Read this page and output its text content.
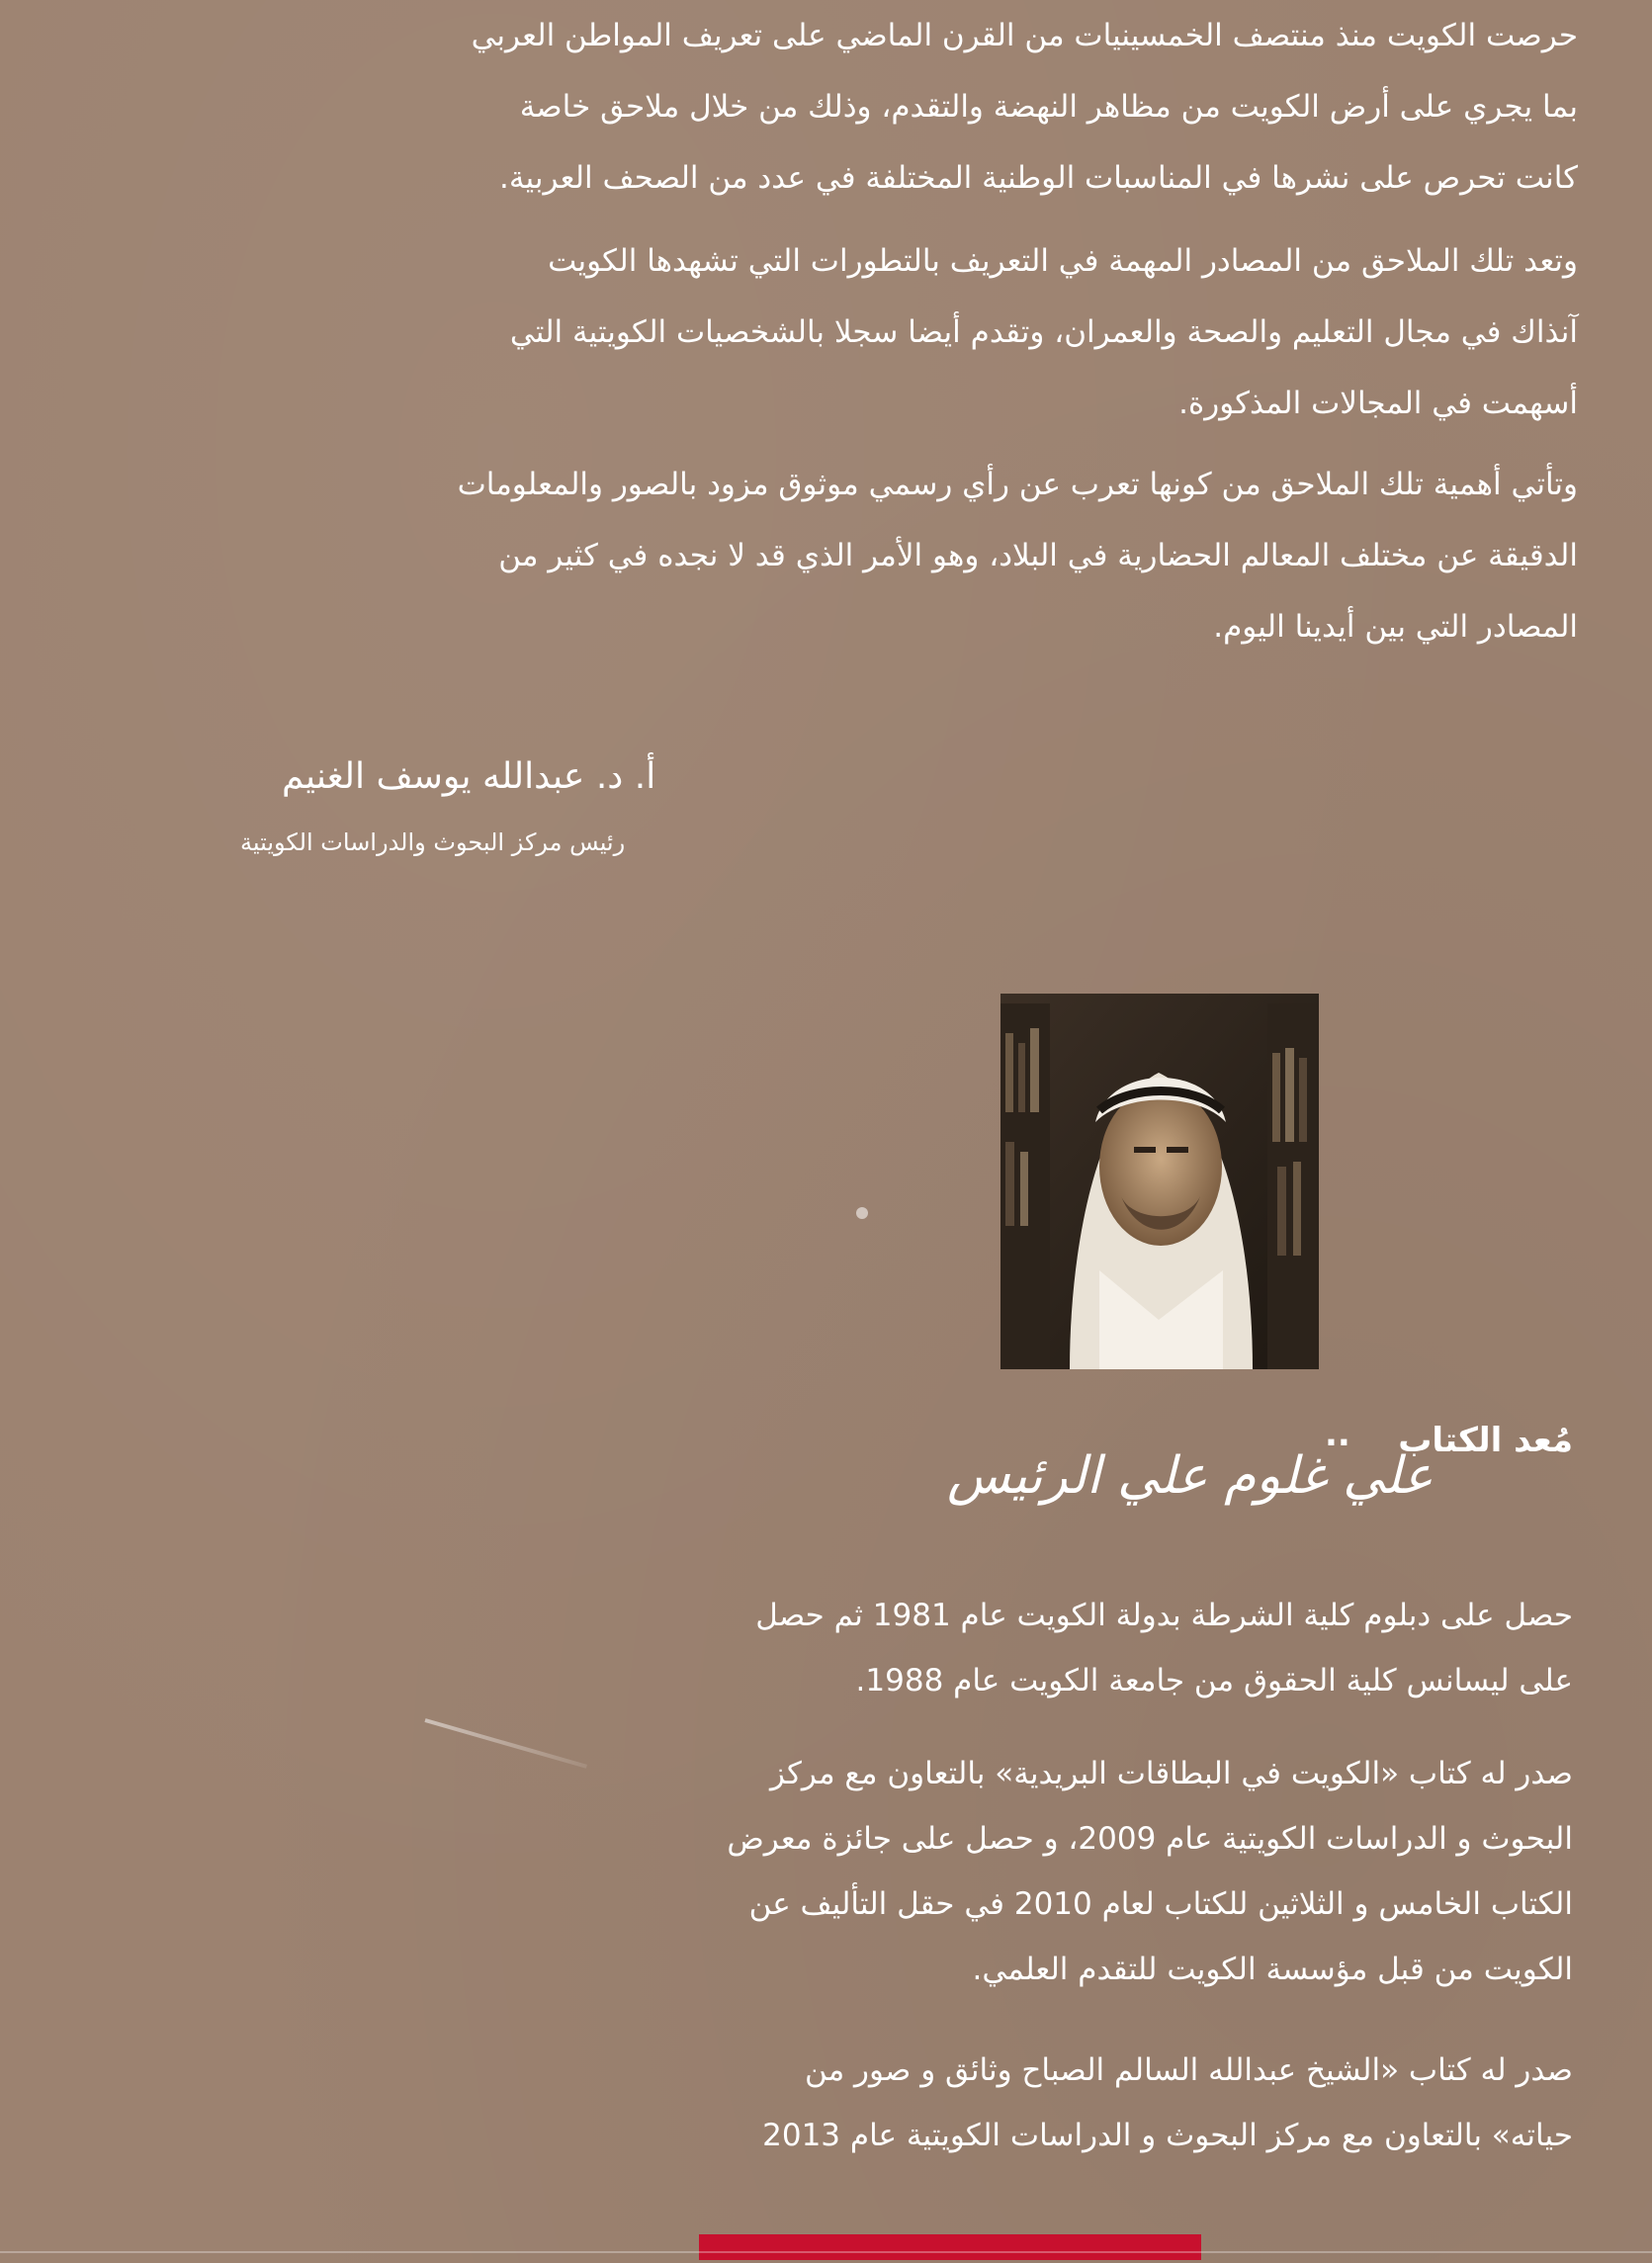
حرصت الكويت منذ منتصف الخمسينيات من القرن الماضي على تعريف المواطن العربي
بما يجري على أرض الكويت من مظاهر النهضة والتقدم، وذلك من خلال ملاحق خاصة
كانت تحرص على نشرها في المناسبات الوطنية المختلفة في عدد من الصحف العربية.
وتعد تلك الملاحق من المصادر المهمة في التعريف بالتطورات التي تشهدها الكويت
آنذاك في مجال التعليم والصحة والعمران، وتقدم أيضا سجلا بالشخصيات الكويتية التي
أسهمت في المجالات المذكورة.
وتأتي أهمية تلك الملاحق من كونها تعرب عن رأي رسمي موثوق مزود بالصور والمعلومات
الدقيقة عن مختلف المعالم الحضارية في البلاد، وهو الأمر الذي قد لا نجده في كثير من
المصادر التي بين أيدينا اليوم.
أ. د. عبدالله يوسف الغنيم
رئيس مركز البحوث والدراسات الكويتية
.. مُعد الكتاب
علي غلوم علي الرئيس
حصل على دبلوم كلية الشرطة بدولة الكويت عام 1981 ثم حصل
على ليسانس كلية الحقوق من جامعة الكويت عام 1988.
صدر له كتاب «الكويت في البطاقات البريدية» بالتعاون مع مركز
البحوث و الدراسات الكويتية عام 2009، و حصل على جائزة معرض
الكتاب الخامس و الثلاثين للكتاب لعام 2010 في حقل التأليف عن
الكويت من قبل مؤسسة الكويت للتقدم العلمي.
صدر له كتاب «الشيخ عبدالله السالم الصباح وثائق و صور من
حياته» بالتعاون مع مركز البحوث و الدراسات الكويتية عام 2013
